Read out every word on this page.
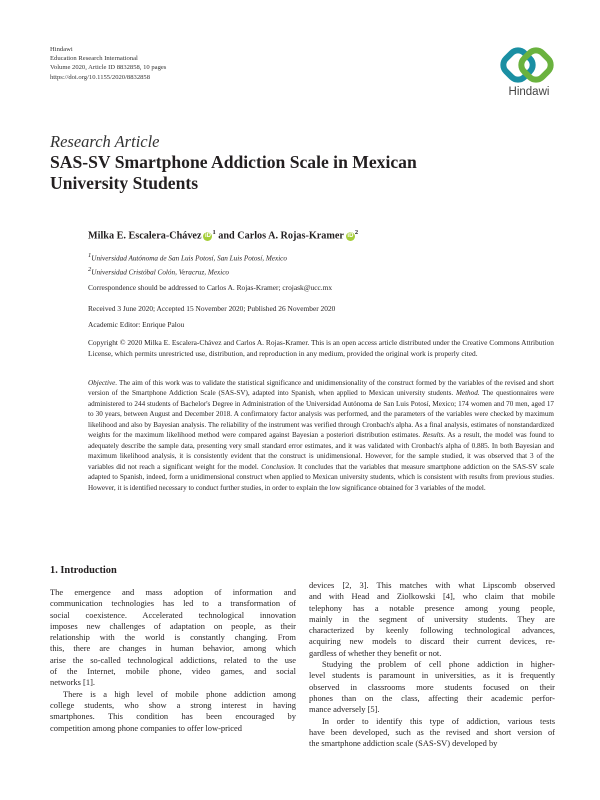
Hindawi
Education Research International
Volume 2020, Article ID 8832858, 10 pages
https://doi.org/10.1155/2020/8832858
Hindawi
Research Article
SAS-SV Smartphone Addiction Scale in Mexican University Students
Milka E. Escalera-Chávez $iD^1$ and Carlos A. Rojas-Kramer $iD^2$
$^1$Universidad Autónoma de San Luis Potosí, San Luis Potosí, Mexico
$^2$Universidad Cristóbal Colón, Veracruz, Mexico
Correspondence should be addressed to Carlos A. Rojas-Kramer; crojask@ucc.mx
Received 3 June 2020; Accepted 15 November 2020; Published 26 November 2020
Academic Editor: Enrique Palou
Copyright © 2020 Milka E. Escalera-Chávez and Carlos A. Rojas-Kramer. This is an open access article distributed under the Creative Commons Attribution License, which permits unrestricted use, distribution, and reproduction in any medium, provided the original work is properly cited.
Objective. The aim of this work was to validate the statistical significance and unidimensionality of the construct formed by the variables of the revised and short version of the Smartphone Addiction Scale (SAS-SV), adapted into Spanish, when applied to Mexican university students. Method. The questionnaires were administered to 244 students of Bachelor's Degree in Administration of the Universidad Autónoma de San Luis Potosí, Mexico; 174 women and 70 men, aged 17 to 30 years, between August and December 2018. A confirmatory factor analysis was performed, and the parameters of the variables were checked by maximum likelihood and also by Bayesian analysis. The reliability of the instrument was verified through Cronbach's alpha. As a final analysis, estimates of nonstandardized weights for the maximum likelihood method were compared against Bayesian a posteriori distribution estimates. Results. As a result, the model was found to adequately describe the sample data, presenting very small standard error estimates, and it was validated with Cronbach's alpha of 0.885. In both Bayesian and maximum likelihood analysis, it is consistently evident that the construct is unidimensional. However, for the sample studied, it was observed that 3 of the variables did not reach a significant weight for the model. Conclusion. It concludes that the variables that measure smartphone addiction on the SAS-SV scale adapted to Spanish, indeed, form a unidimensional construct when applied to Mexican university students, which is consistent with results from previous studies. However, it is identified necessary to conduct further studies, in order to explain the low significance obtained for 3 variables of the model.
1. Introduction
The emergence and mass adoption of information and
communication technologies has led to a transformation of
social coexistence. Accelerated technological innovation
imposes new challenges of adaptation on people, as their
relationship with the world is constantly changing. From
this, there are changes in human behavior, among which
arise the so-called technological addictions, related to the use
of the Internet, mobile phone, video games, and social
networks [1].
There is a high level of mobile phone addiction among
college students, who show a strong interest in having
smartphones. This condition has been encouraged by
competition among phone companies to offer low-priced
devices [2, 3]. This matches with what Lipscomb observed
and with Head and Ziolkowski [4], who claim that mobile
telephony has a notable presence among young people,
mainly in the segment of university students. They are
characterized by keenly following technological advances,
acquiring new models to discard their current devices, re-
gardless of whether they benefit or not.
Studying the problem of cell phone addiction in higher-
level students is paramount in universities, as it is frequently
observed in classrooms more students focused on their
phones than on the class, affecting their academic perfor-
mance adversely [5].
In order to identify this type of addiction, various tests
have been developed, such as the revised and short version of
the smartphone addiction scale (SAS-SV) developed by
